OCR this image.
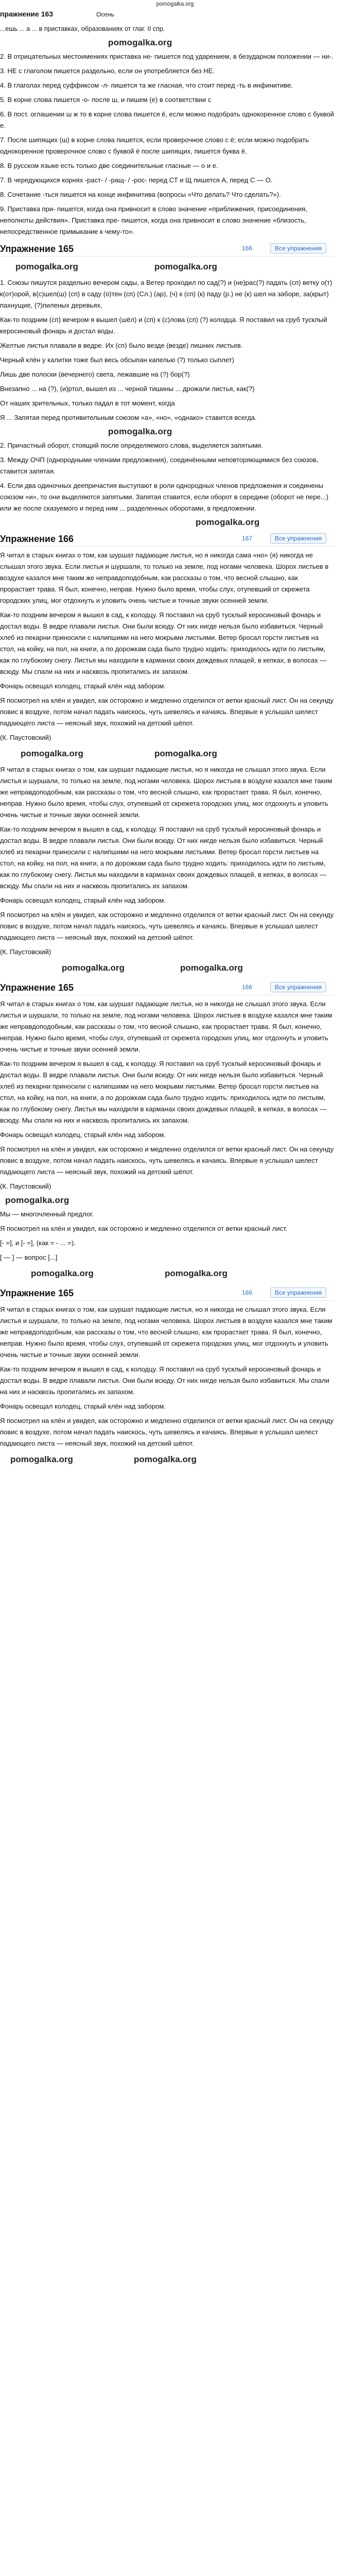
pomogalka.org
пражнение 163	Осень
...ешь ... а ... в приставках, образованиях от глаг. II спр.
pomogalka.org
2. В отрицательных местоимениях приставка не- пишется под ударением, в безударном положении — ни-.
3. НЕ с глаголом пишется раздельно, если он употребляется без НЕ.
4. В глаголах перед суффиксом -л- пишется та же гласная, что стоит перед -ть в инфинитиве.
5. В корне слова пишется -о- после ш, и пишем (е) в соответствии с
6. В пост. оглашении ш ж то в корне слова пишется ё, если можно подобрать однокоренное слово с буквой е.
7. После шипящих (ш) в корне слова пишется, если проверочное слово с ё; если можно подобрать однокоренное проверочное слово с буквой ё после шипящих, пишется буква ё.
8. В русском языке есть только две соединительные гласные — о и е.
7. В чередующихся корнях -раст- / -ращ- / -рос- перед СТ и Щ пишется А, перед С — О.
8. Сочетание -ться пишется на конце инфинитива (вопросы «Что делать? Что сделать?»).
9. Приставка при- пишется, когда она привносит в слово значение «приближения, присоединения, неполноты действия». Приставка пре- пишется, когда она привносит в слово значение «близость, непосредственное примыкание к чему-то».
Упражнение 165	166	Все упражнения
pomogalka.org	pomogalka.org
1. Союзы пишутся раздельно вечером сады, а Ветер проходил по сад(?) и (не)рас(?) падать (сп) ветку о(т) к(от)орой, в(с)шел(ш) (сп) в саду (о)тен (сп) (Сл.) (ар), (ч) к (сп) (к) паду (р.) не (к) шел на заборе, за(крыт) пахнущие, (?)пиленых деревьях,
Как-то поздним (сп) вечером я вышел (шёл) и (сп) к (с)лова (сп) (?) колодца. Я поставил на сруб тусклый керосиновый фонарь и достал воды.
Желтые листья плавали в ведре. Их (сп) было везде (везде) лишних листьев.
Черный клён у калитки тоже был весь обсыпан капелью (?) только сыплет)
Лишь две полоски (вечернего) света, лежавшие на (?) бор(?)
Внезапно ... на (?), (и)ртол, вышел из ... черной тишины ... дрожали листья, как(?)
От наших зрительных, только падал в тот момент, когда
Я ... Запятая перед противительным союзом «а», «но», «однако» ставится всегда.
pomogalka.org
2. Причастный оборот, стоящий после определяемого слова, выделяется запятыми.
3. Между ОЧП (однородными членами предложения), соединёнными неповторяющимися без союзов, ставится запятая.
4. Если два одиночных деепричастия выступают в роли однородных членов предложения и соединены союзом «и», то они выделяются запятыми. Запятая ставится, если оборот в середине (оборот не пере...) или же после сказуемого и перед ним ... разделенных оборотами, в предложении.
pomogalka.org
Упражнение 166	167	Все упражнения
Я читал в старых книгах о том, как шуршат падающие листья, но я никогда сама «но» (я) никогда не слышал этого звука. Если листья и шуршали, то только на земле, под ногами человека. Шорох листьев в воздухе казался мне таким же неправдоподобным, как рассказы о том, что весной слышно, как прорастает трава. Я был, конечно, неправ. Нужно было время, чтобы слух, отупевший от скрежета городских улиц, мог отдохнуть и уловить очень чистые и точные звуки осенней земли.
Как-то поздним вечером я вышел в сад, к колодцу. Я поставил на сруб тусклый керосиновый фонарь и достал воды. В ведре плавали листья. Они были всюду. От них нигде нельзя было избавиться. Черный хлеб из пекарни приносили с налипшими на него мокрыми листьями. Ветер бросал горсти листьев на стол, на койку, на пол, на книги, а по дорожкам сада было трудно ходить: приходилось идти по листьям, как по глубокому снегу. Листья мы находили в карманах своих дождевых плащей, в кепках, в волосах — всюду. Мы спали на них и насквозь пропитались их запахом.
Фонарь освещал колодец, старый клён над забором.
Я посмотрел на клён и увидел, как осторожно и медленно отделился от ветки красный лист. Он на секунду повис в воздухе, потом начал падать наискось, чуть шевелясь и качаясь. Впервые я услышал шелест падающего листа — неясный звук, похожий на детский шёпот.
(К. Паустовский)
pomogalka.org	pomogalka.org
Я читал в старых книгах о том, как шуршат падающие листья, но я никогда не слышал этого звука. Если листья и шуршали, то только на земле, под ногами человека. Шорох листьев в воздухе казался мне таким же неправдоподобным, как рассказы о том, что весной слышно, как прорастает трава. Я был, конечно, неправ. Нужно было время, чтобы слух, отупевший от скрежета городских улиц, мог отдохнуть и уловить очень чистые и точные звуки осенней земли.
Как-то поздним вечером я вышел в сад, к колодцу. Я поставил на сруб тусклый керосиновый фонарь и достал воды. В ведре плавали листья. Они были всюду. От них нигде нельзя было избавиться. Черный хлеб из пекарни приносили с налипшими на него мокрыми листьями. Ветер бросал горсти листьев на стол, на койку, на пол, на книги, а по дорожкам сада было трудно ходить: приходилось идти по листьям, как по глубокому снегу. Листья мы находили в карманах своих дождевых плащей, в кепках, в волосах — всюду. Мы спали на них и насквозь пропитались их запахом.
Фонарь освещал колодец, старый клён над забором.
Я посмотрел на клён и увидел, как осторожно и медленно отделился от ветки красный лист. Он на секунду повис в воздухе, потом начал падать наискось, чуть шевелясь и качаясь. Впервые я услышал шелест падающего листа — неясный звук, похожий на детский шёпот.
(К. Паустовский)
pomogalka.org	pomogalka.org
Упражнение 165	166	Все упражнения
Я читал в старых книгах о том, как шуршат падающие листья, но я никогда не слышал этого звука. Если листья и шуршали, то только на земле, под ногами человека. Шорох листьев в воздухе казался мне таким же неправдоподобным, как рассказы о том, что весной слышно, как прорастает трава. Я был, конечно, неправ. Нужно было время, чтобы слух, отупевший от скрежета городских улиц, мог отдохнуть и уловить очень чистые и точные звуки осенней земли.
Как-то поздним вечером я вышел в сад, к колодцу. Я поставил на сруб тусклый керосиновый фонарь и достал воды. В ведре плавали листья. Они были всюду. От них нигде нельзя было избавиться. Черный хлеб из пекарни приносили с налипшими на него мокрыми листьями. Ветер бросал горсти листьев на стол, на койку, на пол, на книги, а по дорожкам сада было трудно ходить: приходилось идти по листьям, как по глубокому снегу. Листья мы находили в карманах своих дождевых плащей, в кепках, в волосах — всюду. Мы спали на них и насквозь пропитались их запахом.
Фонарь освещал колодец, старый клён над забором.
Я посмотрел на клён и увидел, как осторожно и медленно отделился от ветки красный лист. Он на секунду повис в воздухе, потом начал падать наискось, чуть шевелясь и качаясь. Впервые я услышал шелест падающего листа — неясный звук, похожий на детский шёпот.
(К. Паустовский)
pomogalka.org
Мы — многочленный предлог.
Я посмотрел на клён и увидел, как осторожно и медленно отделился от ветки красный лист.
[- =], и [- =], (как = - ... =).
[ — ] — вопрос [...]
pomogalka.org	pomogalka.org
Упражнение 165	166	Все упражнения
Я читал в старых книгах о том, как шуршат падающие листья, но я никогда не слышал этого звука. Если листья и шуршали, то только на земле, под ногами человека. Шорох листьев в воздухе казался мне таким же неправдоподобным, как рассказы о том, что весной слышно, как прорастает трава. Я был, конечно, неправ. Нужно было время, чтобы слух, отупевший от скрежета городских улиц, мог отдохнуть и уловить очень чистые и точные звуки осенней земли.
Как-то поздним вечером я вышел в сад, к колодцу. Я поставил на сруб тусклый керосиновый фонарь и достал воды. В ведре плавали листья. Они были всюду. От них нигде нельзя было избавиться. Мы спали на них и насквозь пропитались их запахом.
Фонарь освещал колодец, старый клён над забором.
Я посмотрел на клён и увидел, как осторожно и медленно отделился от ветки красный лист. Он на секунду повис в воздухе, потом начал падать наискось, чуть шевелясь и качаясь. Впервые я услышал шелест падающего листа — неясный звук, похожий на детский шёпот.
pomogalka.org	pomogalka.org
